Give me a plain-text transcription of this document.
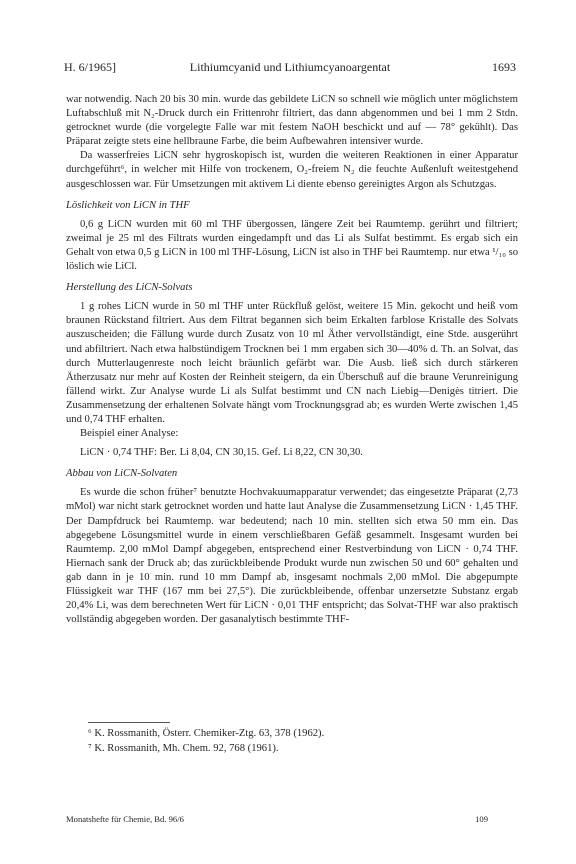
H. 6/1965]	Lithiumcyanid und Lithiumcyanoargentat	1693

war notwendig. Nach 20 bis 30 min. wurde das gebildete LiCN so schnell wie möglich unter möglichstem Luftabschluß mit N₂-Druck durch ein Frittenrohr filtriert, das dann abgenommen und bei 1 mm 2 Stdn. getrocknet wurde (die vorgelegte Falle war mit festem NaOH beschickt und auf — 78° gekühlt). Das Präparat zeigte stets eine hellbraune Farbe, die beim Aufbewahren intensiver wurde.

Da wasserfreies LiCN sehr hygroskopisch ist, wurden die weiteren Reaktionen in einer Apparatur durchgeführt⁶, in welcher mit Hilfe von trockenem, O₂-freiem N₂ die feuchte Außenluft weitestgehend ausgeschlossen war. Für Umsetzungen mit aktivem Li diente ebenso gereinigtes Argon als Schutzgas.

Löslichkeit von LiCN in THF

0,6 g LiCN wurden mit 60 ml THF übergossen, längere Zeit bei Raumtemp. gerührt und filtriert; zweimal je 25 ml des Filtrats wurden eingedampft und das Li als Sulfat bestimmt. Es ergab sich ein Gehalt von etwa 0,5 g LiCN in 100 ml THF-Lösung, LiCN ist also in THF bei Raumtemp. nur etwa ¹/₁₀ so löslich wie LiCl.

Herstellung des LiCN-Solvats

1 g rohes LiCN wurde in 50 ml THF unter Rückfluß gelöst, weitere 15 Min. gekocht und heiß vom braunen Rückstand filtriert. Aus dem Filtrat begannen sich beim Erkalten farblose Kristalle des Solvats auszuscheiden; die Fällung wurde durch Zusatz von 10 ml Äther vervollständigt, eine Stde. ausgerührt und abfiltriert. Nach etwa halbstündigem Trocknen bei 1 mm ergaben sich 30—40% d. Th. an Solvat, das durch Mutterlaugenreste noch leicht bräunlich gefärbt war. Die Ausb. ließ sich durch stärkeren Ätherzusatz nur mehr auf Kosten der Reinheit steigern, da ein Überschuß auf die braune Verunreinigung fällend wirkt. Zur Analyse wurde Li als Sulfat bestimmt und CN nach Liebig—Denigès titriert. Die Zusammensetzung der erhaltenen Solvate hängt vom Trocknungsgrad ab; es wurden Werte zwischen 1,45 und 0,74 THF erhalten.

Beispiel einer Analyse:

LiCN · 0,74 THF: Ber. Li 8,04, CN 30,15. Gef. Li 8,22, CN 30,30.

Abbau von LiCN-Solvaten

Es wurde die schon früher⁷ benutzte Hochvakuumapparatur verwendet; das eingesetzte Präparat (2,73 mMol) war nicht stark getrocknet worden und hatte laut Analyse die Zusammensetzung LiCN · 1,45 THF. Der Dampfdruck bei Raumtemp. war bedeutend; nach 10 min. stellten sich etwa 50 mm ein. Das abgegebene Lösungsmittel wurde in einem verschließbaren Gefäß gesammelt. Insgesamt wurden bei Raumtemp. 2,00 mMol Dampf abgegeben, entsprechend einer Restverbindung von LiCN · 0,74 THF. Hiernach sank der Druck ab; das zurückbleibende Produkt wurde nun zwischen 50 und 60° gehalten und gab dann in je 10 min. rund 10 mm Dampf ab, insgesamt nochmals 2,00 mMol. Die abgepumpte Flüssigkeit war THF (167 mm bei 27,5°). Die zurückbleibende, offenbar unzersetzte Substanz ergab 20,4% Li, was dem berechneten Wert für LiCN · 0,01 THF entspricht; das Solvat-THF war also praktisch vollständig abgegeben worden. Der gasanalytisch bestimmte THF-

⁶ K. Rossmanith, Österr. Chemiker-Ztg. 63, 378 (1962).
⁷ K. Rossmanith, Mh. Chem. 92, 768 (1961).
Monatshefte für Chemie, Bd. 96/6	109
